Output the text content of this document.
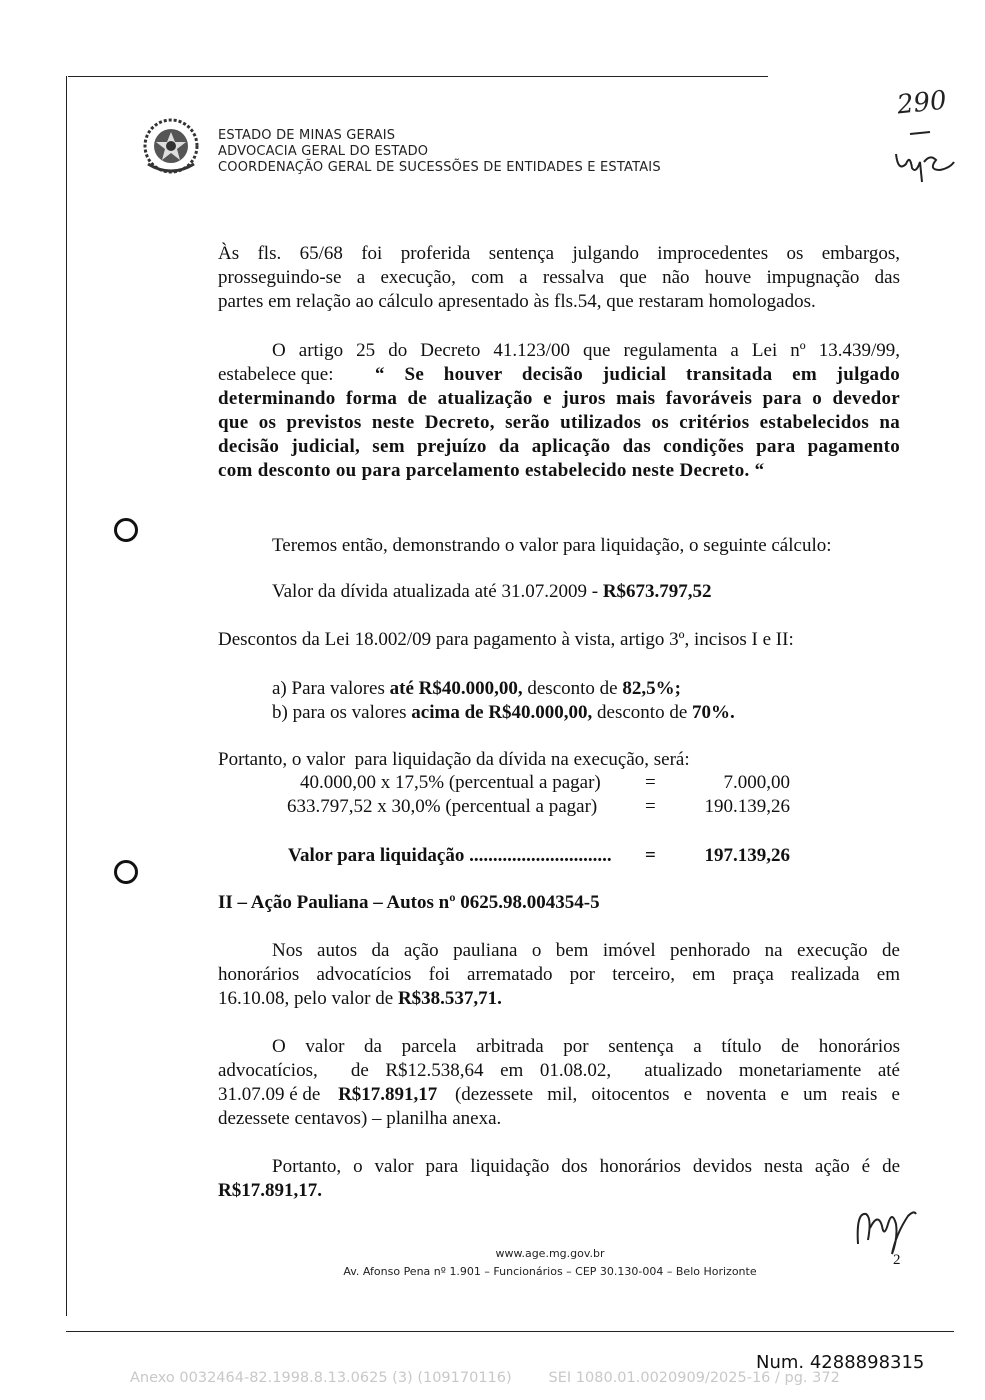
ESTADO DE MINAS GERAIS
ADVOCACIA GERAL DO ESTADO
COORDENAÇÃO GERAL DE SUCESSÕES DE ENTIDADES E ESTATAIS
290
Às fls. 65/68 foi proferida sentença julgando improcedentes os embargos,
prosseguindo-se a execução, com a ressalva que não houve impugnação das
partes em relação ao cálculo apresentado às fls.54, que restaram homologados.
O artigo 25 do Decreto 41.123/00 que regulamenta a Lei nº 13.439/99,
estabelece que: “ Se houver decisão judicial transitada em julgado
determinando forma de atualização e juros mais favoráveis para o devedor
que os previstos neste Decreto, serão utilizados os critérios estabelecidos na
decisão judicial, sem prejuízo da aplicação das condições para pagamento
com desconto ou para parcelamento estabelecido neste Decreto. “
Teremos então, demonstrando o valor para liquidação, o seguinte cálculo:
Valor da dívida atualizada até 31.07.2009 - R$673.797,52
Descontos da Lei 18.002/09 para pagamento à vista, artigo 3º, incisos I e II:
a) Para valores até R$40.000,00, desconto de 82,5%;
b) para os valores acima de R$40.000,00, desconto de 70%.
Portanto, o valor  para liquidação da dívida na execução, será:
40.000,00 x 17,5% (percentual a pagar) =	7.000,00
633.797,52 x 30,0% (percentual a pagar)	=	190.139,26
Valor para liquidação .............................. =	197.139,26
II – Ação Pauliana – Autos nº 0625.98.004354-5
Nos autos da ação pauliana o bem imóvel penhorado na execução de
honorários advocatícios foi arrematado por terceiro, em praça realizada em
16.10.08, pelo valor de R$38.537,71.
O valor da parcela arbitrada por sentença a título de honorários
advocatícios,  de R$12.538,64 em 01.08.02,  atualizado monetariamente até
31.07.09 é de R$17.891,17 (dezessete mil, oitocentos e noventa e um reais e
dezessete centavos) – planilha anexa.
Portanto, o valor para liquidação dos honorários devidos nesta ação é de
R$17.891,17.
www.age.mg.gov.br
Av. Afonso Pena nº 1.901 – Funcionários – CEP 30.130-004 – Belo Horizonte
2
Num. 4288898315
Anexo 0032464-82.1998.8.13.0625 (3) (109170116)        SEI 1080.01.0020909/2025-16 / pg. 372
